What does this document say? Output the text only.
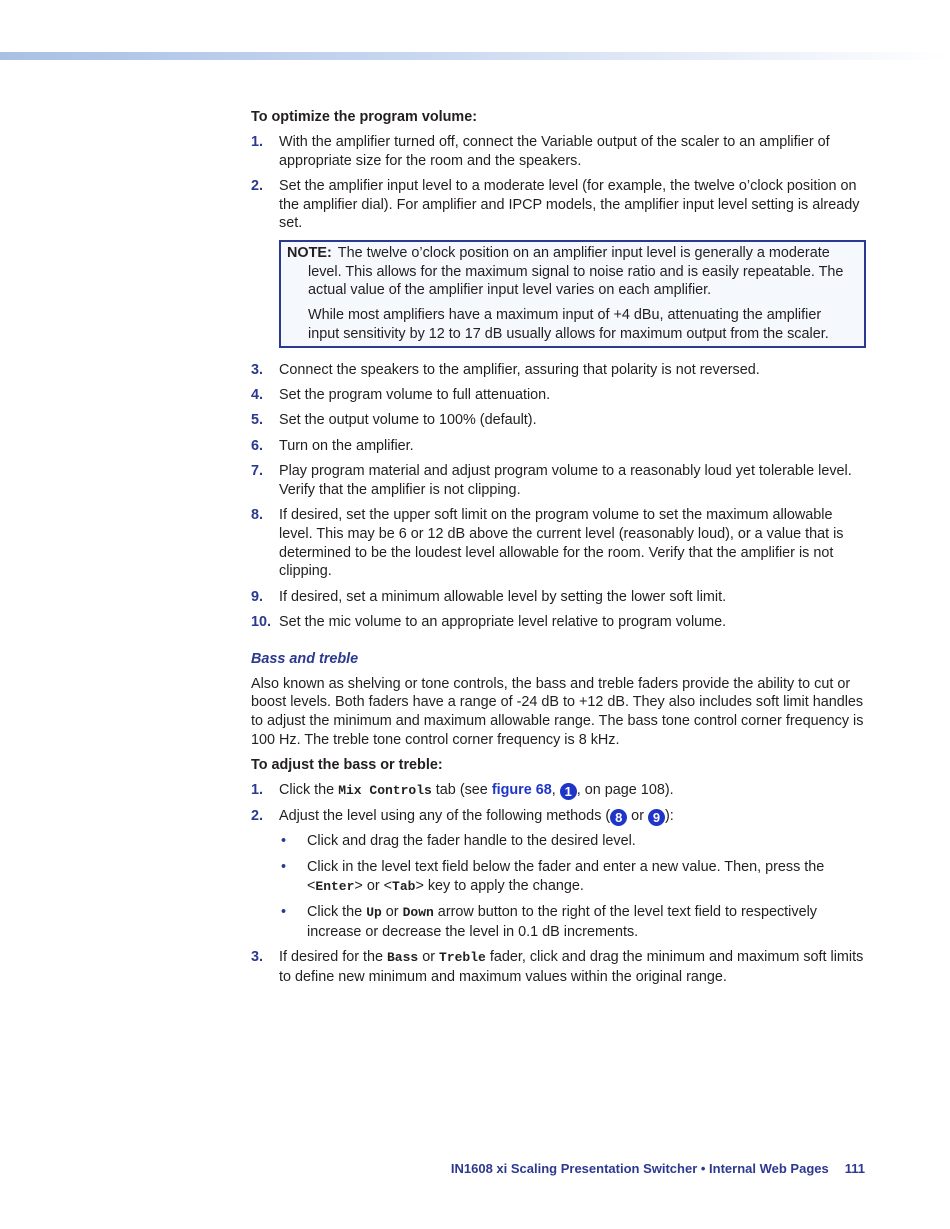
To optimize the program volume:
1. With the amplifier turned off, connect the Variable output of the scaler to an amplifier of appropriate size for the room and the speakers.
2. Set the amplifier input level to a moderate level (for example, the twelve o’clock position on the amplifier dial). For amplifier and IPCP models, the amplifier input level setting is already set.

NOTE: The twelve o’clock position on an amplifier input level is generally a moderate level. This allows for the maximum signal to noise ratio and is easily repeatable. The actual value of the amplifier input level varies on each amplifier.

While most amplifiers have a maximum input of +4 dBu, attenuating the amplifier input sensitivity by 12 to 17 dB usually allows for maximum output from the scaler.

3. Connect the speakers to the amplifier, assuring that polarity is not reversed.
4. Set the program volume to full attenuation.
5. Set the output volume to 100% (default).
6. Turn on the amplifier.
7. Play program material and adjust program volume to a reasonably loud yet tolerable level. Verify that the amplifier is not clipping.
8. If desired, set the upper soft limit on the program volume to set the maximum allowable level. This may be 6 or 12 dB above the current level (reasonably loud), or a value that is determined to be the loudest level allowable for the room. Verify that the amplifier is not clipping.
9. If desired, set a minimum allowable level by setting the lower soft limit.
10. Set the mic volume to an appropriate level relative to program volume.
Bass and treble
Also known as shelving or tone controls, the bass and treble faders provide the ability to cut or boost levels. Both faders have a range of -24 dB to +12 dB. They also includes soft limit handles to adjust the minimum and maximum allowable range. The bass tone control corner frequency is 100 Hz. The treble tone control corner frequency is 8 kHz.
To adjust the bass or treble:
1. Click the Mix Controls tab (see figure 68, 1 , on page 108).
2. Adjust the level using any of the following methods ( 8 or 9 ):
• Click and drag the fader handle to the desired level.
• Click in the level text field below the fader and enter a new value. Then, press the <Enter> or <Tab> key to apply the change.
• Click the Up or Down arrow button to the right of the level text field to respectively increase or decrease the level in 0.1 dB increments.
3. If desired for the Bass or Treble fader, click and drag the minimum and maximum soft limits to define new minimum and maximum values within the original range.
IN1608 xi Scaling Presentation Switcher • Internal Web Pages 111
